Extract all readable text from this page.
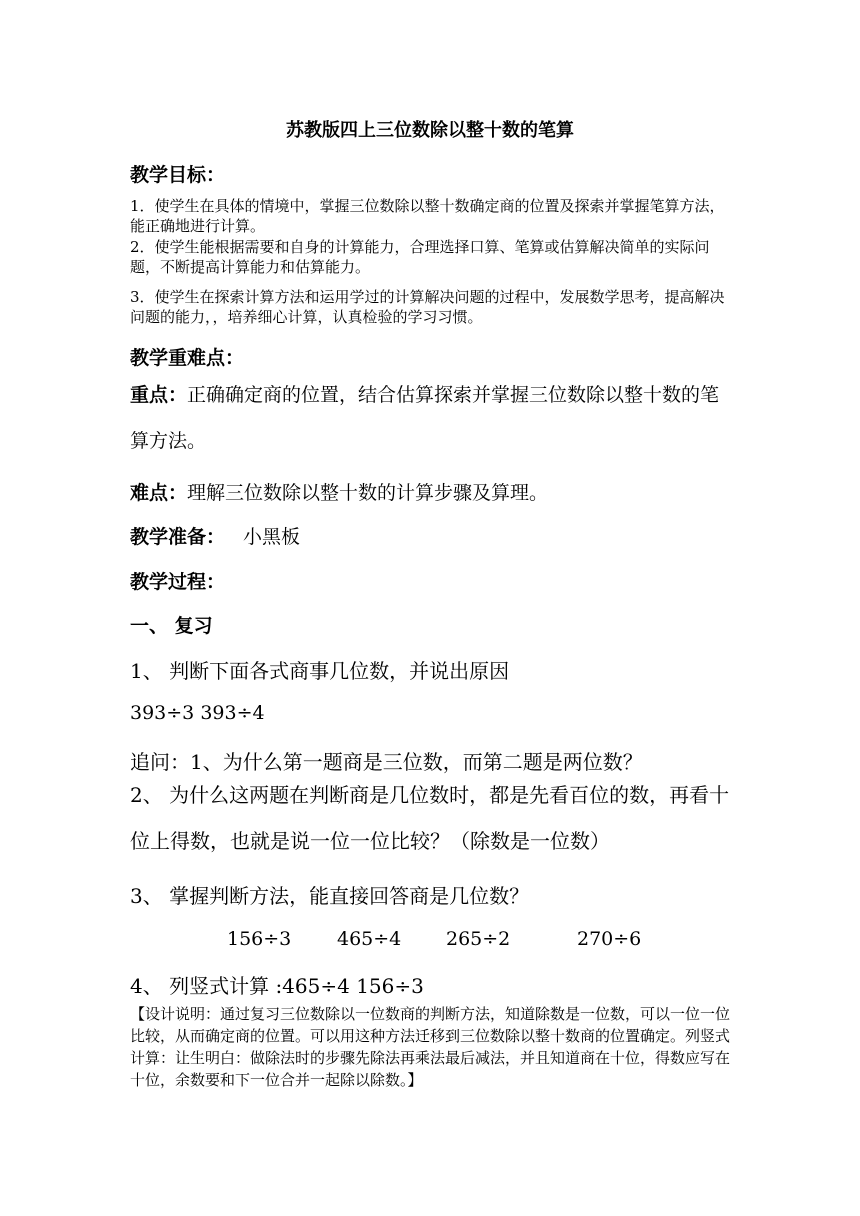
苏教版四上三位数除以整十数的笔算
教学目标：
1．使学生在具体的情境中，掌握三位数除以整十数确定商的位置及探索并掌握笔算方法，能正确地进行计算。
2．使学生能根据需要和自身的计算能力，合理选择口算、笔算或估算解决简单的实际问题，不断提高计算能力和估算能力。
3．使学生在探索计算方法和运用学过的计算解决问题的过程中，发展数学思考，提高解决问题的能力，，培养细心计算，认真检验的学习习惯。
教学重难点：
重点：正确确定商的位置，结合估算探索并掌握三位数除以整十数的笔算方法。
难点：理解三位数除以整十数的计算步骤及算理。
教学准备： 小黑板
教学过程：
一、 复习
1、 判断下面各式商事几位数，并说出原因
393÷3 393÷4
追问：1、为什么第一题商是三位数，而第二题是两位数？
2、 为什么这两题在判断商是几位数时，都是先看百位的数，再看十位上得数，也就是说一位一位比较？（除数是一位数）
3、 掌握判断方法，能直接回答商是几位数？
156÷3 465÷4 265÷2	270÷6
4、 列竖式计算 :465÷4 156÷3
【设计说明：通过复习三位数除以一位数商的判断方法，知道除数是一位数，可以一位一位比较，从而确定商的位置。可以用这种方法迁移到三位数除以整十数商的位置确定。列竖式计算：让生明白：做除法时的步骤先除法再乘法最后减法，并且知道商在十位，得数应写在十位，余数要和下一位合并一起除以除数。】
